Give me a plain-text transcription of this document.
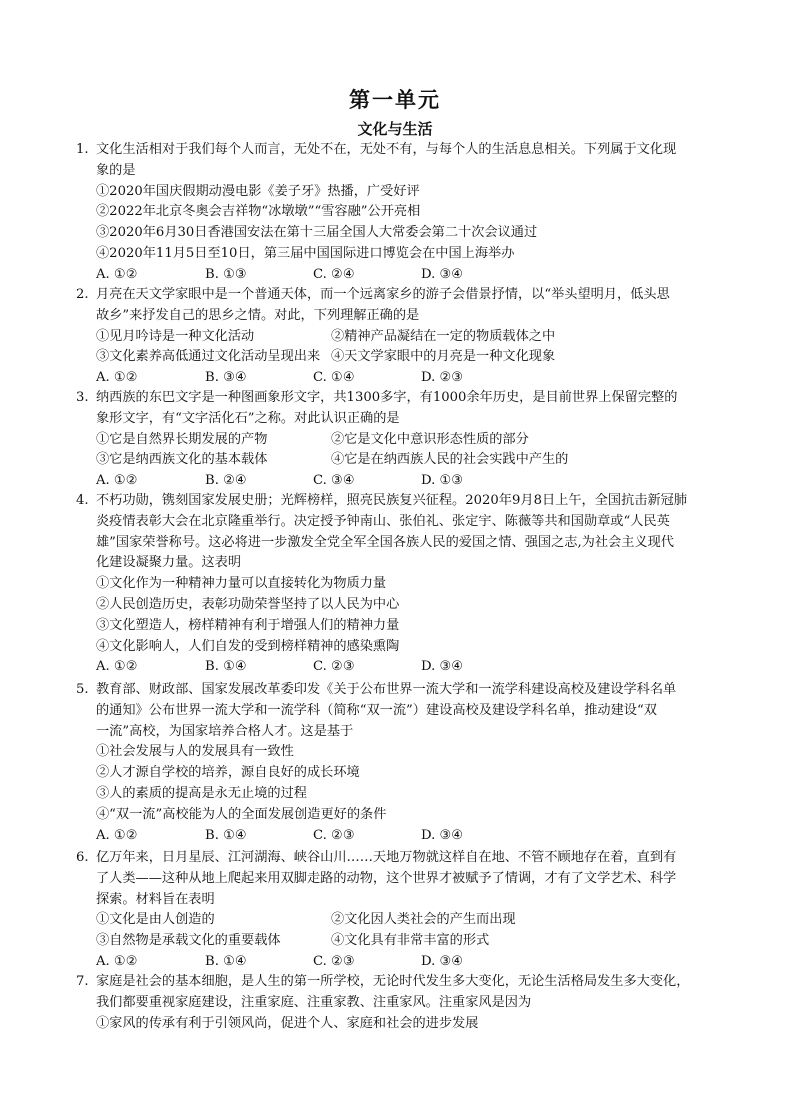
第一单元
文化与生活
1. 文化生活相对于我们每个人而言，无处不在，无处不有，与每个人的生活息息相关。下列属于文化现
象的是
①2020年国庆假期动漫电影《姜子牙》热播，广受好评
②2022年北京冬奥会吉祥物“冰墩墩”“雪容融”公开亮相
③2020年6月30日香港国安法在第十三届全国人大常委会第二十次会议通过
④2020年11月5日至10日，第三届中国国际进口博览会在中国上海举办
A. ①②	B. ①③	C. ②④	D. ③④
2. 月亮在天文学家眼中是一个普通天体，而一个远离家乡的游子会借景抒情，以“举头望明月，低头思
故乡”来抒发自己的思乡之情。对此，下列理解正确的是
①见月吟诗是一种文化活动	②精神产品凝结在一定的物质载体之中
③文化素养高低通过文化活动呈现出来 ④天文学家眼中的月亮是一种文化现象
A. ①②	B. ③④	C. ①④	D. ②③
3. 纳西族的东巴文字是一种图画象形文字，共1300多字，有1000余年历史，是目前世界上保留完整的
象形文字，有“文字活化石”之称。对此认识正确的是
①它是自然界长期发展的产物	②它是文化中意识形态性质的部分
③它是纳西族文化的基本载体	④它是在纳西族人民的社会实践中产生的
A. ①②	B. ②④	C. ③④	D. ①③
4. 不朽功勋，镌刻国家发展史册；光辉榜样，照亮民族复兴征程。2020年9月8日上午，全国抗击新冠肺
炎疫情表彰大会在北京隆重举行。决定授予钟南山、张伯礼、张定宇、陈薇等共和国勋章或“人民英
雄”国家荣誉称号。这必将进一步激发全党全军全国各族人民的爱国之情、强国之志,为社会主义现代
化建设凝聚力量。这表明
①文化作为一种精神力量可以直接转化为物质力量
②人民创造历史，表彰功勋荣誉坚持了以人民为中心
③文化塑造人，榜样精神有利于增强人们的精神力量
④文化影响人，人们自发的受到榜样精神的感染熏陶
A. ①②	B. ①④	C. ②③	D. ③④
5. 教育部、财政部、国家发展改革委印发《关于公布世界一流大学和一流学科建设高校及建设学科名单
的通知》公布世界一流大学和一流学科（简称“双一流”）建设高校及建设学科名单，推动建设“双
一流”高校，为国家培养合格人才。这是基于
①社会发展与人的发展具有一致性
②人才源自学校的培养，源自良好的成长环境
③人的素质的提高是永无止境的过程
④“双一流”高校能为人的全面发展创造更好的条件
A. ①②	B. ①④	C. ②③	D. ③④
6. 亿万年来，日月星辰、江河湖海、峡谷山川……天地万物就这样自在地、不管不顾地存在着，直到有
了人类——这种从地上爬起来用双脚走路的动物，这个世界才被赋予了情调，才有了文学艺术、科学
探索。材料旨在表明
①文化是由人创造的	②文化因人类社会的产生而出现
③自然物是承载文化的重要载体	④文化具有非常丰富的形式
A. ①②	B. ①④	C. ②③	D. ③④
7. 家庭是社会的基本细胞，是人生的第一所学校，无论时代发生多大变化，无论生活格局发生多大变化，
我们都要重视家庭建设，注重家庭、注重家教、注重家风。注重家风是因为
①家风的传承有利于引领风尚，促进个人、家庭和社会的进步发展
